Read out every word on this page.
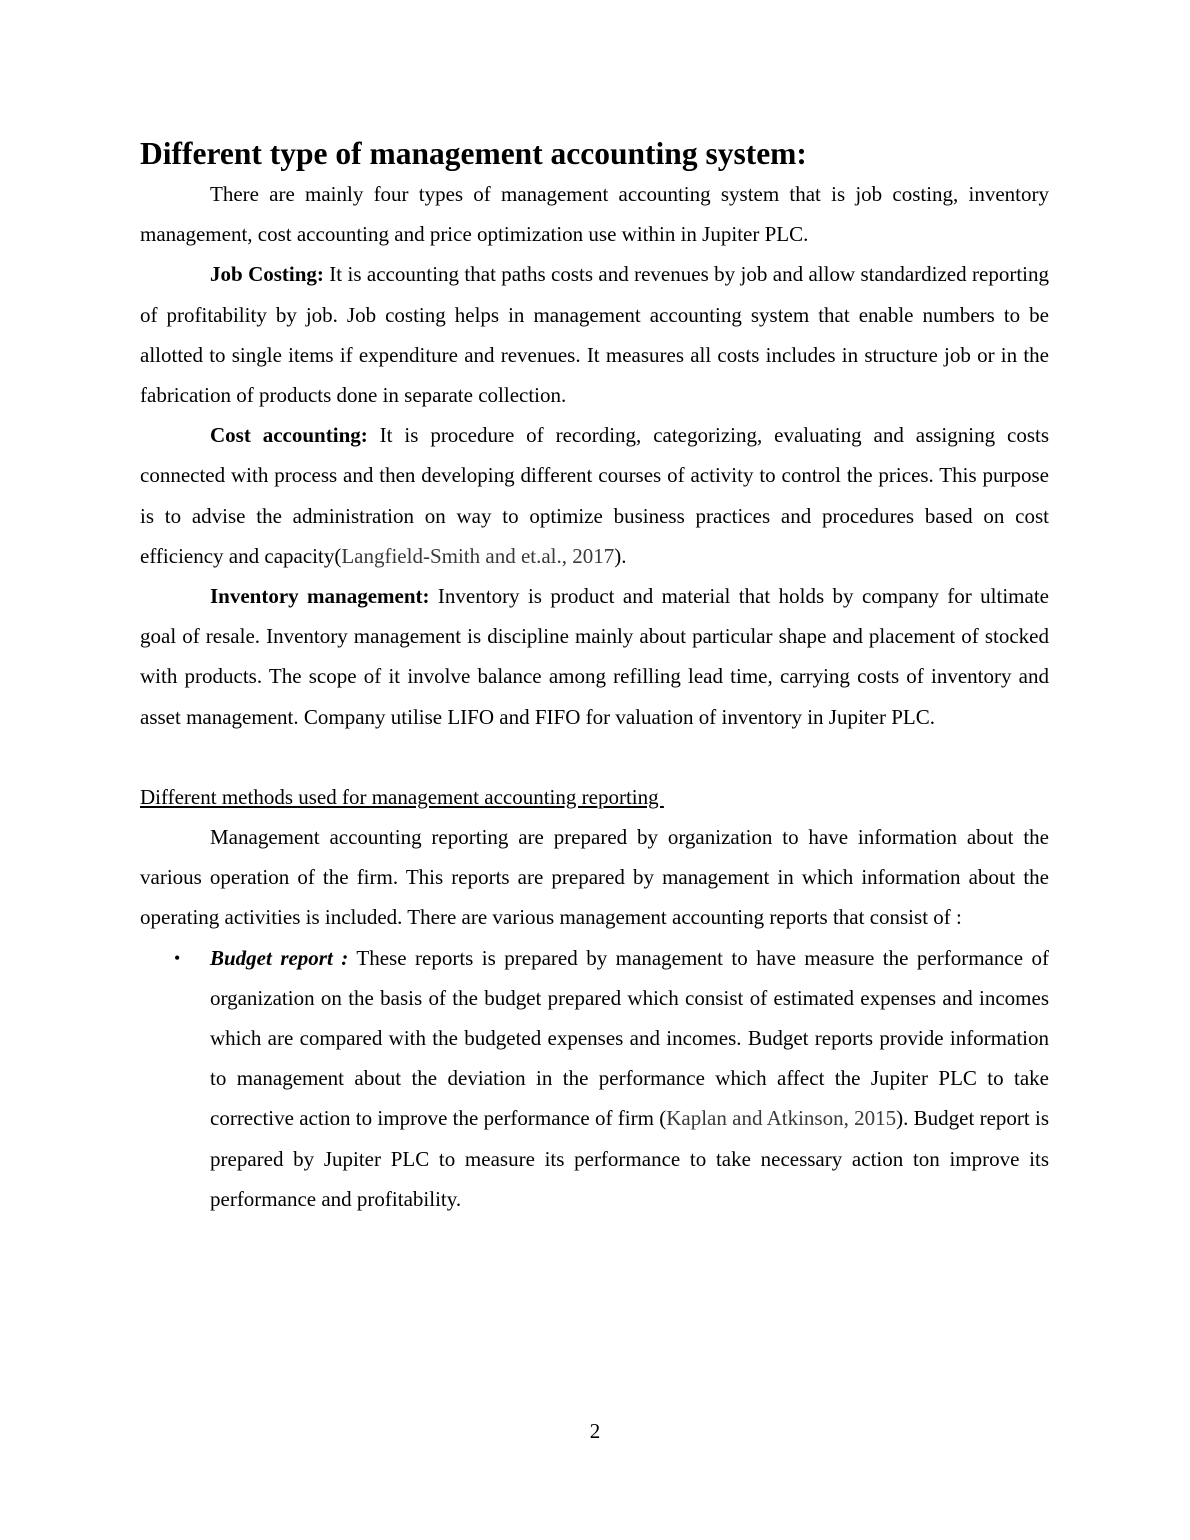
Different type of management accounting system:

There are mainly four types of management accounting system that is job costing, inventory management, cost accounting and price optimization use within in Jupiter PLC.

Job Costing: It is accounting that paths costs and revenues by job and allow standardized reporting of profitability by job. Job costing helps in management accounting system that enable numbers to be allotted to single items if expenditure and revenues. It measures all costs includes in structure job or in the fabrication of products done in separate collection.

Cost accounting: It is procedure of recording, categorizing, evaluating and assigning costs connected with process and then developing different courses of activity to control the prices. This purpose is to advise the administration on way to optimize business practices and procedures based on cost efficiency and capacity(Langfield-Smith and et.al., 2017).

Inventory management: Inventory is product and material that holds by company for ultimate goal of resale. Inventory management is discipline mainly about particular shape and placement of stocked with products. The scope of it involve balance among refilling lead time, carrying costs of inventory and asset management. Company utilise LIFO and FIFO for valuation of inventory in Jupiter PLC.

Different methods used for management accounting reporting

Management accounting reporting are prepared by organization to have information about the various operation of the firm. This reports are prepared by management in which information about the operating activities is included. There are various management accounting reports that consist of :

• Budget report : These reports is prepared by management to have measure the performance of organization on the basis of the budget prepared which consist of estimated expenses and incomes which are compared with the budgeted expenses and incomes. Budget reports provide information to management about the deviation in the performance which affect the Jupiter PLC to take corrective action to improve the performance of firm (Kaplan and Atkinson, 2015). Budget report is prepared by Jupiter PLC to measure its performance to take necessary action ton improve its performance and profitability.

2
